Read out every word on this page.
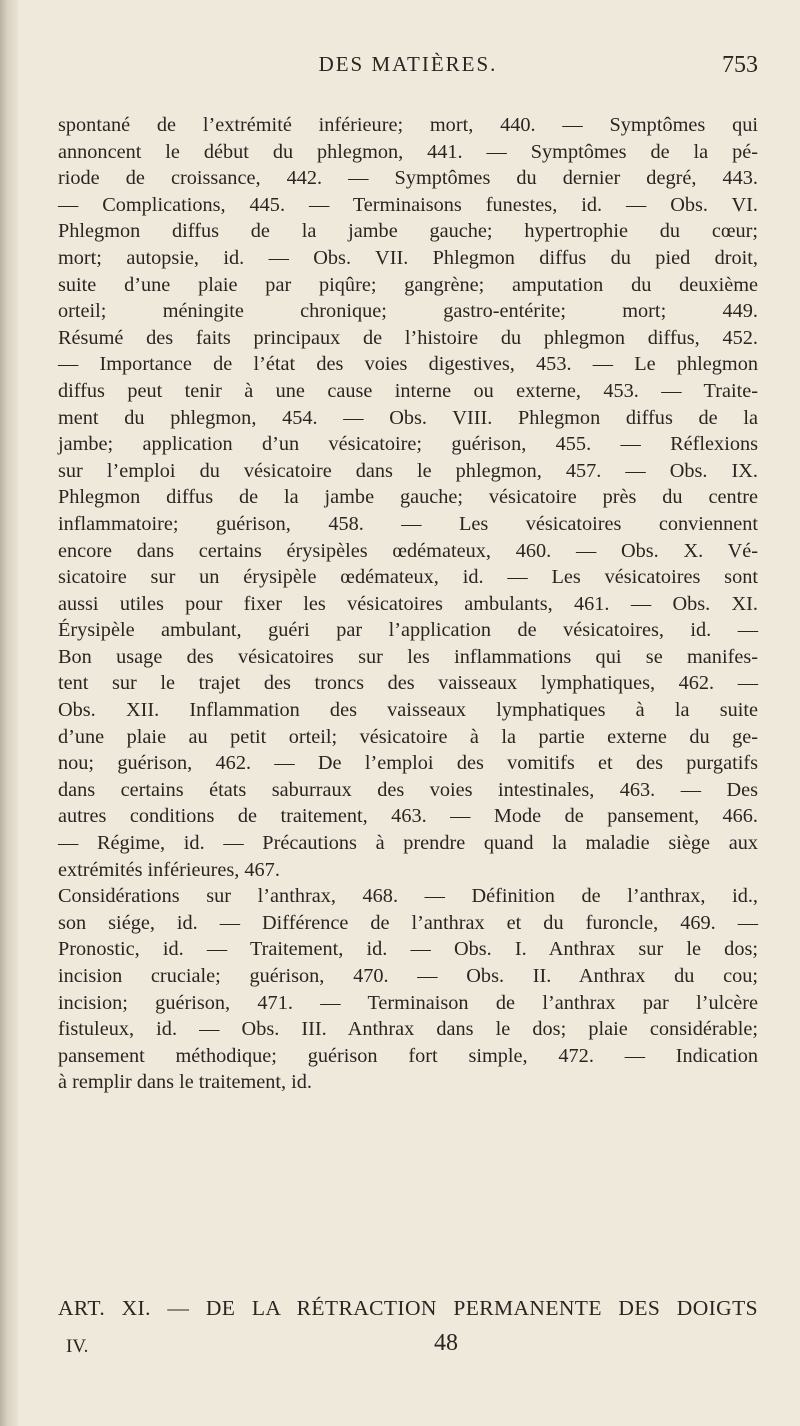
DES MATIÈRES.	753
spontané de l’extrémité inférieure; mort, 440. — Symptômes qui
annoncent le début du phlegmon, 441. — Symptômes de la pé-
riode de croissance, 442. — Symptômes du dernier degré, 443.
— Complications, 445. — Terminaisons funestes, id. — Obs. VI.
Phlegmon diffus de la jambe gauche; hypertrophie du cœur;
mort; autopsie, id. — Obs. VII. Phlegmon diffus du pied droit,
suite d’une plaie par piqûre; gangrène; amputation du deuxième
orteil; méningite chronique; gastro-entérite; mort; 449.
Résumé des faits principaux de l’histoire du phlegmon diffus, 452.
— Importance de l’état des voies digestives, 453. — Le phlegmon
diffus peut tenir à une cause interne ou externe, 453. — Traite-
ment du phlegmon, 454. — Obs. VIII. Phlegmon diffus de la
jambe; application d’un vésicatoire; guérison, 455. — Réflexions
sur l’emploi du vésicatoire dans le phlegmon, 457. — Obs. IX.
Phlegmon diffus de la jambe gauche; vésicatoire près du centre
inflammatoire; guérison, 458. — Les vésicatoires conviennent
encore dans certains érysipèles œdémateux, 460. — Obs. X. Vé-
sicatoire sur un érysipèle œdémateux, id. — Les vésicatoires sont
aussi utiles pour fixer les vésicatoires ambulants, 461. — Obs. XI.
Érysipèle ambulant, guéri par l’application de vésicatoires, id. —
Bon usage des vésicatoires sur les inflammations qui se manifes-
tent sur le trajet des troncs des vaisseaux lymphatiques, 462. —
Obs. XII. Inflammation des vaisseaux lymphatiques à la suite
d’une plaie au petit orteil; vésicatoire à la partie externe du ge-
nou; guérison, 462. — De l’emploi des vomitifs et des purgatifs
dans certains états saburraux des voies intestinales, 463. — Des
autres conditions de traitement, 463. — Mode de pansement, 466.
— Régime, id. — Précautions à prendre quand la maladie siège aux
extrémités inférieures, 467.
Considérations sur l’anthrax, 468. — Définition de l’anthrax, id.,
son siége, id. — Différence de l’anthrax et du furoncle, 469. —
Pronostic, id. — Traitement, id. — Obs. I. Anthrax sur le dos;
incision cruciale; guérison, 470. — Obs. II. Anthrax du cou;
incision; guérison, 471. — Terminaison de l’anthrax par l’ulcère
fistuleux, id. — Obs. III. Anthrax dans le dos; plaie considérable;
pansement méthodique; guérison fort simple, 472. — Indication
à remplir dans le traitement, id.
ART. XI. — DE LA RÉTRACTION PERMANENTE DES DOIGTS
IV.	48
